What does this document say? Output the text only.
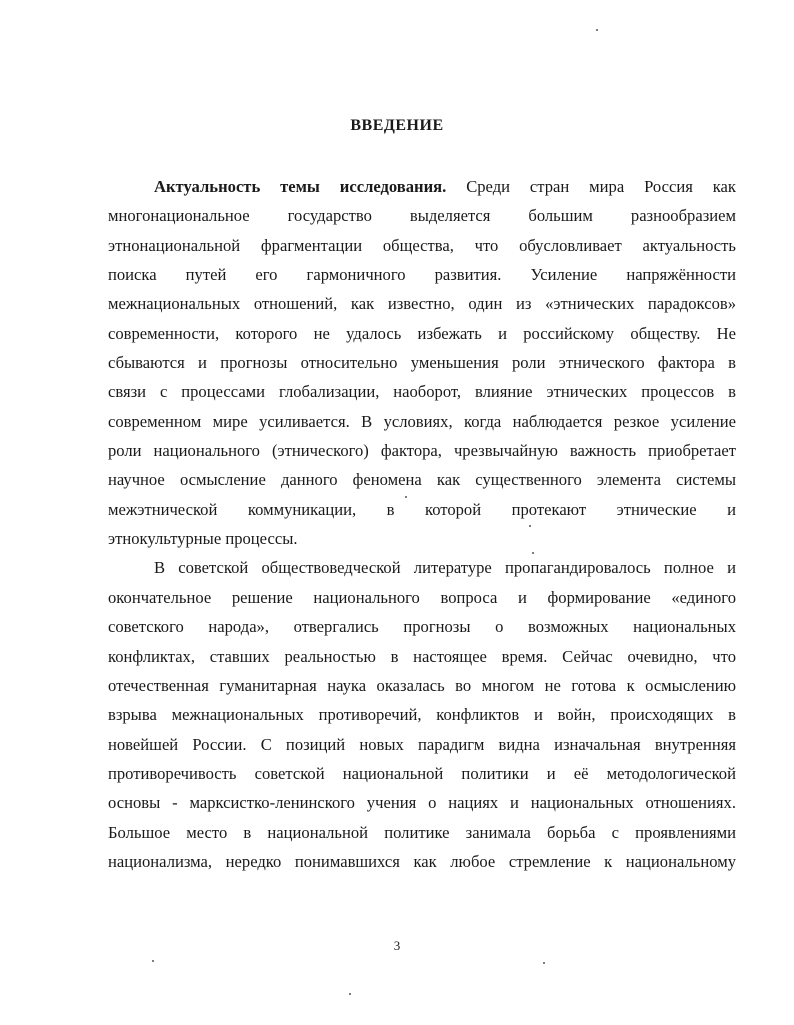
ВВЕДЕНИЕ
Актуальность темы исследования. Среди стран мира Россия как
многонациональное государство выделяется большим разнообразием
этнонациональной фрагментации общества, что обусловливает актуальность
поиска путей его гармоничного развития. Усиление напряжённости
межнациональных отношений, как известно, один из «этнических парадоксов»
современности, которого не удалось избежать и российскому обществу. Не
сбываются и прогнозы относительно уменьшения роли этнического фактора в
связи с процессами глобализации, наоборот, влияние этнических процессов в
современном мире усиливается. В условиях, когда наблюдается резкое усиление
роли национального (этнического) фактора, чрезвычайную важность приобретает
научное осмысление данного феномена как существенного элемента системы
межэтнической коммуникации, в которой протекают этнические и
этнокультурные процессы.
В советской обществоведческой литературе пропагандировалось полное и
окончательное решение национального вопроса и формирование «единого
советского народа», отвергались прогнозы о возможных национальных
конфликтах, ставших реальностью в настоящее время. Сейчас очевидно, что
отечественная гуманитарная наука оказалась во многом не готова к осмыслению
взрыва межнациональных противоречий, конфликтов и войн, происходящих в
новейшей России. С позиций новых парадигм видна изначальная внутренняя
противоречивость советской национальной политики и её методологической
основы - марксистко-ленинского учения о нациях и национальных отношениях.
Большое место в национальной политике занимала борьба с проявлениями
национализма, нередко понимавшихся как любое стремление к национальному
3
